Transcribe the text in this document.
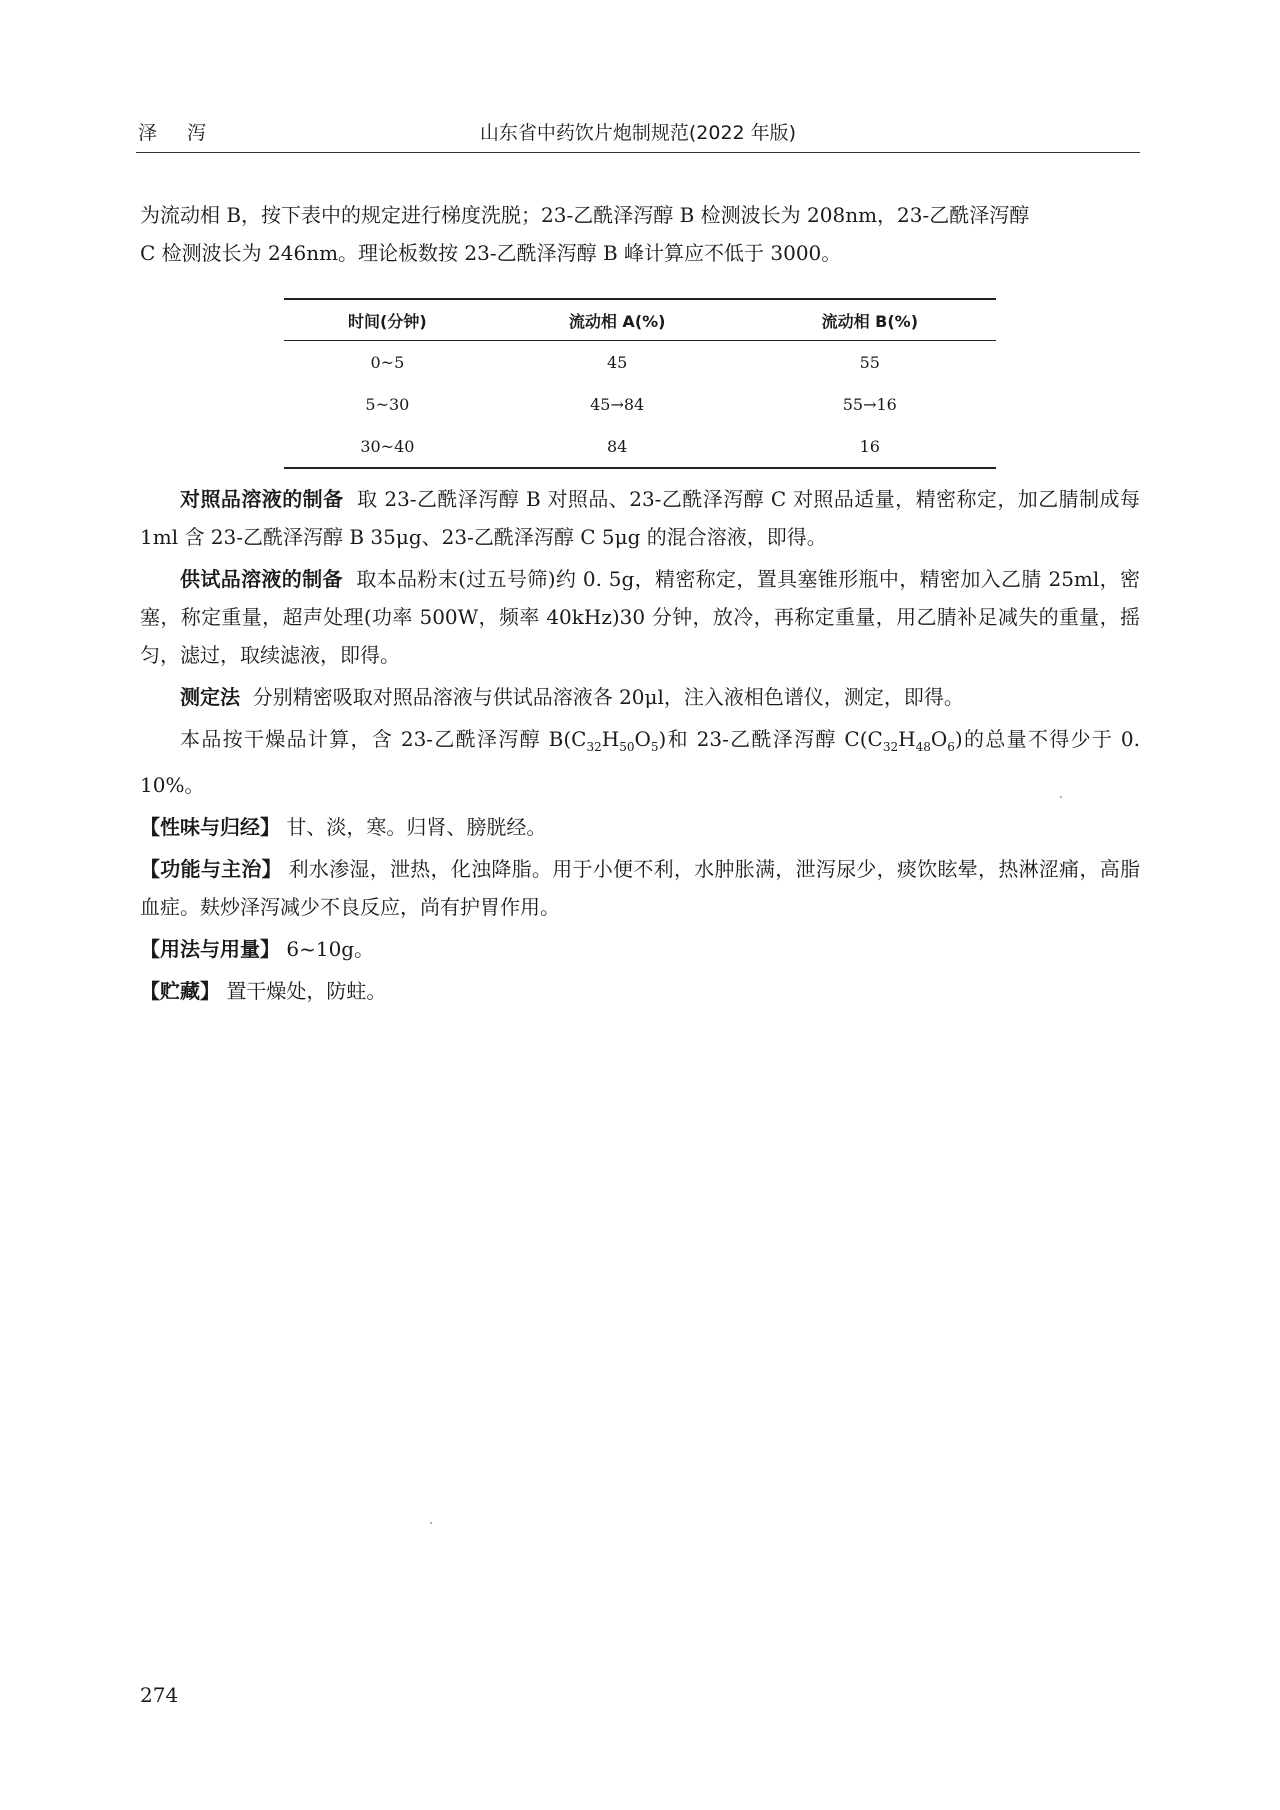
泽 泻	山东省中药饮片炮制规范(2022 年版)

为流动相 B，按下表中的规定进行梯度洗脱；23-乙酰泽泻醇 B 检测波长为 208nm，23-乙酰泽泻醇

C 检测波长为 246nm。理论板数按 23-乙酰泽泻醇 B 峰计算应不低于 3000。

时间(分钟)	流动相 A(%)	流动相 B(%)
0~5	45	55
5~30	45→84	55→16
30~40	84	16

对照品溶液的制备 取 23-乙酰泽泻醇 B 对照品、23-乙酰泽泻醇 C 对照品适量，精密称定，加乙腈制成每 1ml 含 23-乙酰泽泻醇 B 35μg、23-乙酰泽泻醇 C 5μg 的混合溶液，即得。

供试品溶液的制备 取本品粉末(过五号筛)约 0. 5g，精密称定，置具塞锥形瓶中，精密加入乙腈 25ml，密塞，称定重量，超声处理(功率 500W，频率 40kHz)30 分钟，放冷，再称定重量，用乙腈补足减失的重量，摇匀，滤过，取续滤液，即得。

测定法 分别精密吸取对照品溶液与供试品溶液各 20μl，注入液相色谱仪，测定，即得。

本品按干燥品计算，含 23-乙酰泽泻醇 $B(C_{32}H_{50}O_5)$和 23-乙酰泽泻醇 $C(C_{32}H_{48}O_6)$的总量不得少于 0. 10%。

【性味与归经】 甘、淡，寒。归肾、膀胱经。

【功能与主治】 利水渗湿，泄热，化浊降脂。用于小便不利，水肿胀满，泄泻尿少，痰饮眩晕，热淋涩痛，高脂血症。麸炒泽泻减少不良反应，尚有护胃作用。

【用法与用量】 6~10g。

【贮藏】 置干燥处，防蛀。

274
